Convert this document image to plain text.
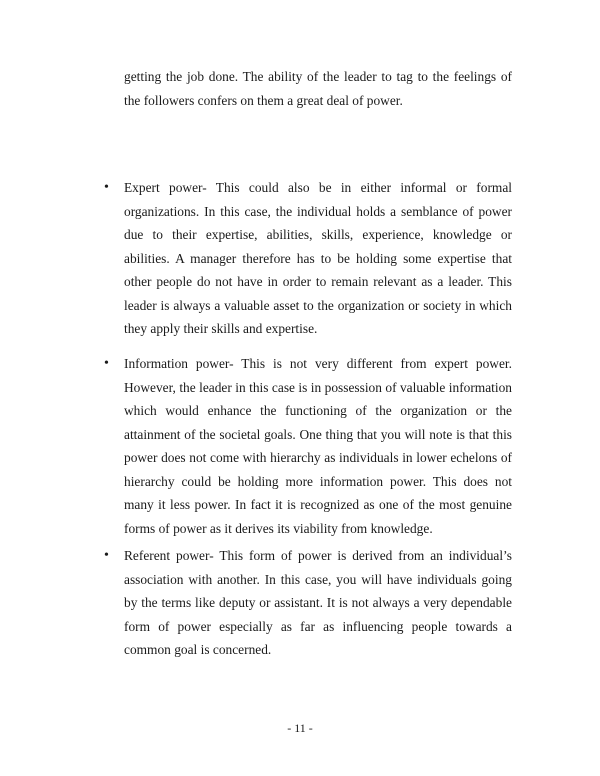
getting the job done. The ability of the leader to tag to the feelings of the followers confers on them a great deal of power.

• Expert power- This could also be in either informal or formal organizations. In this case, the individual holds a semblance of power due to their expertise, abilities, skills, experience, knowledge or abilities. A manager therefore has to be holding some expertise that other people do not have in order to remain relevant as a leader. This leader is always a valuable asset to the organization or society in which they apply their skills and expertise.

• Information power- This is not very different from expert power. However, the leader in this case is in possession of valuable information which would enhance the functioning of the organization or the attainment of the societal goals. One thing that you will note is that this power does not come with hierarchy as individuals in lower echelons of hierarchy could be holding more information power. This does not many it less power. In fact it is recognized as one of the most genuine forms of power as it derives its viability from knowledge.

• Referent power- This form of power is derived from an individual’s association with another. In this case, you will have individuals going by the terms like deputy or assistant. It is not always a very dependable form of power especially as far as influencing people towards a common goal is concerned.

- 11 -
